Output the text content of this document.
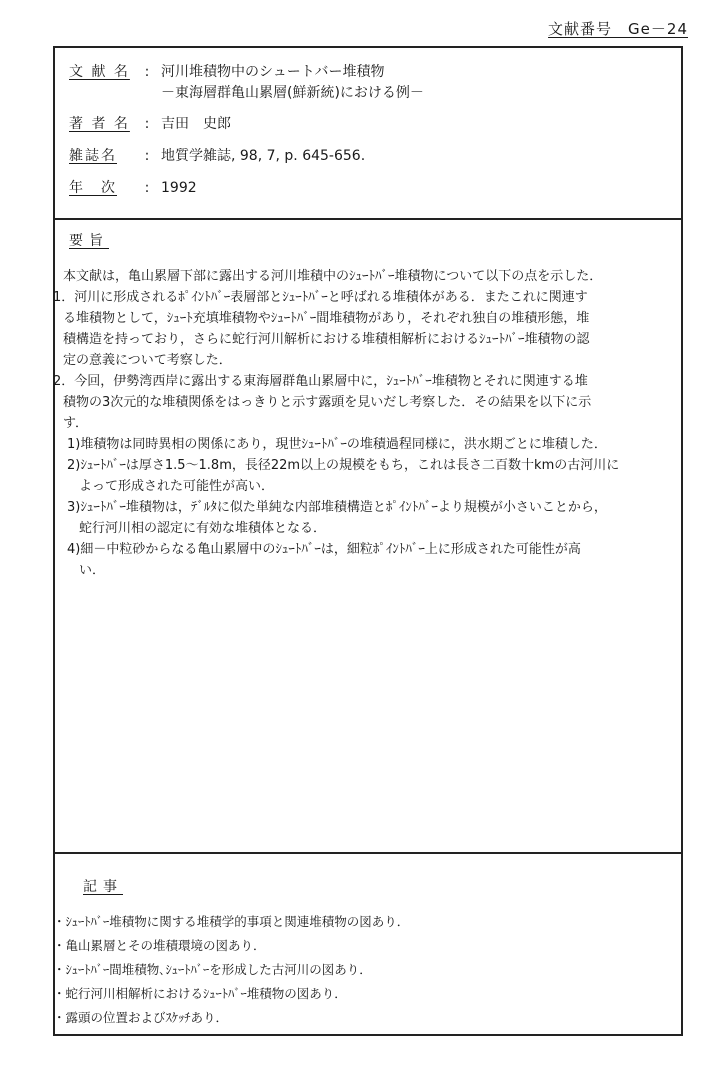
文献番号　Ge－24
文 献 名	: 河川堆積物中のシュートバー堆積物
－東海層群亀山累層(鮮新統)における例－
著 者 名	: 吉田　史郎
雑誌名	: 地質学雑誌, 98, 7, p. 645-656.
年　次	: 1992
要旨

本文献は，亀山累層下部に露出する河川堆積中のｼｭｰﾄﾊﾞｰ堆積物について以下の点を示した．

1．河川に形成されるﾎﾟｲﾝﾄﾊﾞｰ表層部とｼｭｰﾄﾊﾞｰと呼ばれる堆積体がある．またこれに関連す

る堆積物として，ｼｭｰﾄ充填堆積物やｼｭｰﾄﾊﾞｰ間堆積物があり，それぞれ独自の堆積形態，堆

積構造を持っており，さらに蛇行河川解析における堆積相解析におけるｼｭｰﾄﾊﾞｰ堆積物の認

定の意義について考察した．

2．今回，伊勢湾西岸に露出する東海層群亀山累層中に，ｼｭｰﾄﾊﾞｰ堆積物とそれに関連する堆

積物の3次元的な堆積関係をはっきりと示す露頭を見いだし考察した．その結果を以下に示

す．

1)堆積物は同時異相の関係にあり，現世ｼｭｰﾄﾊﾞｰの堆積過程同様に，洪水期ごとに堆積した．

2)ｼｭｰﾄﾊﾞｰは厚さ1.5～1.8m，長径22m以上の規模をもち，これは長さ二百数十kmの古河川に

よって形成された可能性が高い．

3)ｼｭｰﾄﾊﾞｰ堆積物は，ﾃﾞﾙﾀに似た単純な内部堆積構造とﾎﾟｲﾝﾄﾊﾞｰより規模が小さいことから，

蛇行河川相の認定に有効な堆積体となる．

4)細－中粒砂からなる亀山累層中のｼｭｰﾄﾊﾞｰは，細粒ﾎﾟｲﾝﾄﾊﾞｰ上に形成された可能性が高

い．

記事
・ｼｭｰﾄﾊﾞｰ堆積物に関する堆積学的事項と関連堆積物の図あり．
・亀山累層とその堆積環境の図あり．
・ｼｭｰﾄﾊﾞｰ間堆積物､ｼｭｰﾄﾊﾞｰを形成した古河川の図あり．
・蛇行河川相解析におけるｼｭｰﾄﾊﾞｰ堆積物の図あり．
・露頭の位置およびｽｹｯﾁあり．
